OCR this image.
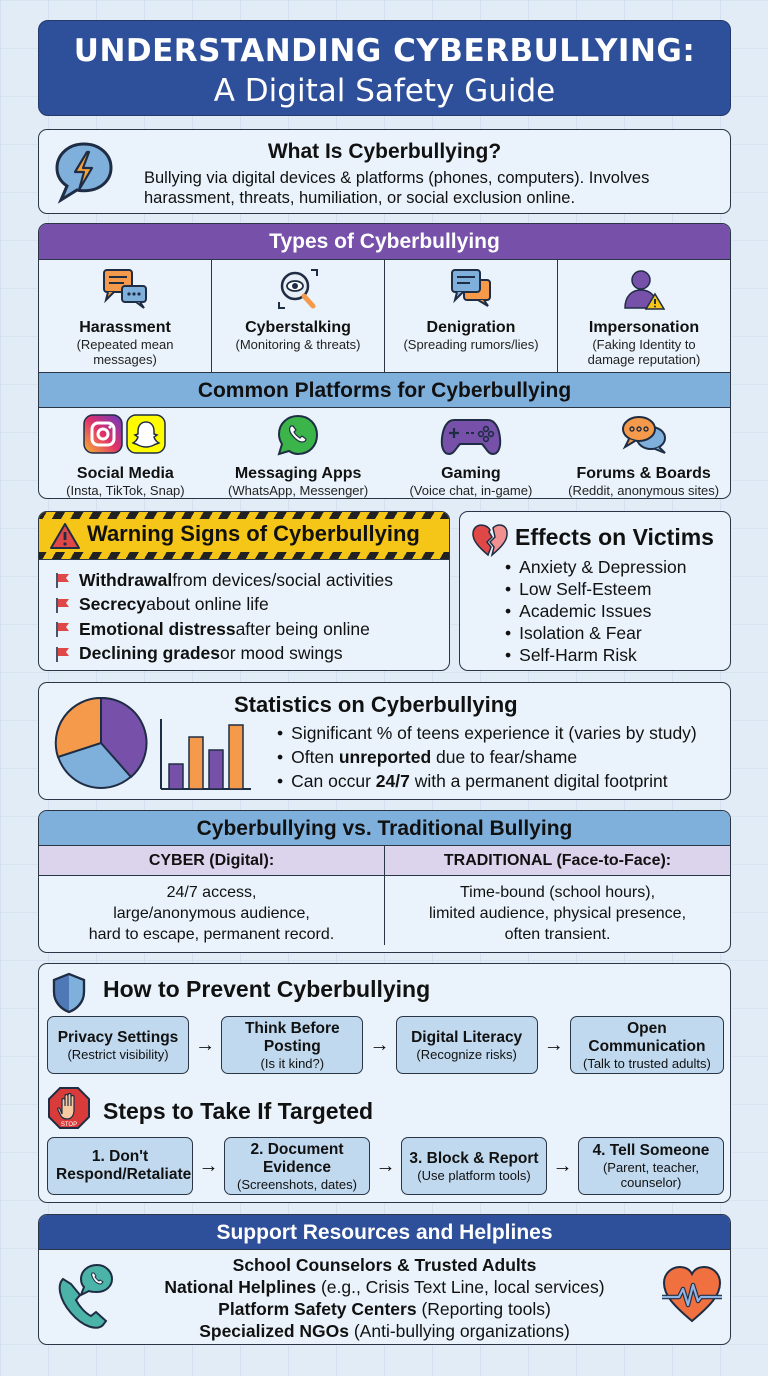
UNDERSTANDING CYBERBULLYING:
A Digital Safety Guide
What Is Cyberbullying?

Bullying via digital devices & platforms (phones, computers). Involves harassment, threats, humiliation, or social exclusion online.

Types of Cyberbullying
Harassment
(Repeated mean messages)
Cyberstalking
(Monitoring & threats)
Denigration
(Spreading rumors/lies)
Impersonation
(Faking Identity to damage reputation)
Common Platforms for Cyberbullying
Social Media
(Insta, TikTok, Snap)
Messaging Apps
(WhatsApp, Messenger)
Gaming
(Voice chat, in-game)
Forums & Boards
(Reddit, anonymous sites)
Warning Signs of Cyberbullying
Withdrawal from devices/social activities
Secrecy about online life
Emotional distress after being online
Declining grades or mood swings
Effects on Victims
• Anxiety & Depression
• Low Self-Esteem
• Academic Issues
• Isolation & Fear
• Self-Harm Risk
Statistics on Cyberbullying
• Significant % of teens experience it (varies by study)
• Often unreported due to fear/shame
• Can occur 24/7 with a permanent digital footprint
Cyberbullying vs. Traditional Bullying
CYBER (Digital):
24/7 access,
large/anonymous audience,
hard to escape, permanent record.
TRADITIONAL (Face-to-Face):
Time-bound (school hours),
limited audience, physical presence,
often transient.
How to Prevent Cyberbullying
Privacy Settings
(Restrict visibility)	→
Think Before Posting
(Is it kind?)
→	Digital Literacy
(Recognize risks)	→
Open Communication
(Talk to trusted adults)
STOP
Steps to Take If Targeted
1. Don't Respond/Retaliate →
2. Document Evidence
(Screenshots, dates)
→ 3. Block & Report
(Use platform tools)	→
4. Tell Someone
(Parent, teacher, counselor)
Support Resources and Helplines
School Counselors & Trusted Adults
National Helplines (e.g., Crisis Text Line, local services)
Platform Safety Centers (Reporting tools)
Specialized NGOs (Anti-bullying organizations)
